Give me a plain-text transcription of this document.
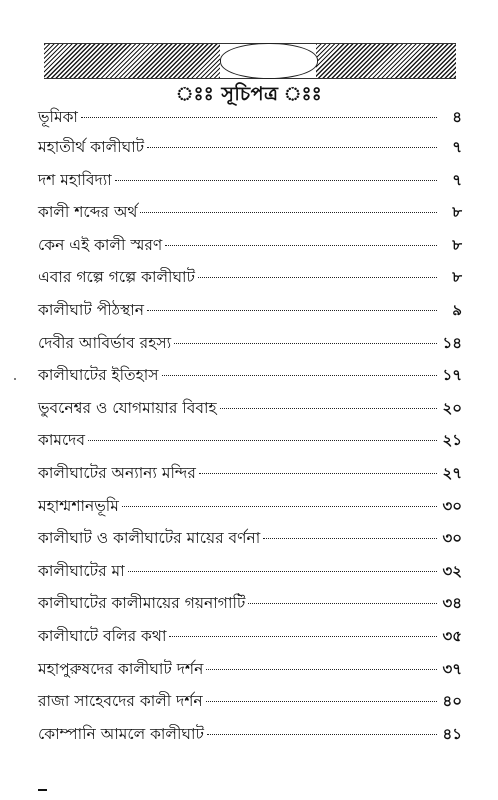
ঃঃ সূচিপত্র ঃঃ
ভূমিকা	৪
মহাতীর্থ কালীঘাট	৭
দশ মহাবিদ্যা	৭
কালী শব্দের অর্থ	৮
কেন এই কালী স্মরণ	৮
এবার গল্পে গল্পে কালীঘাট	৮
কালীঘাট পীঠস্থান	৯
দেবীর আবির্ভাব রহস্য	১৪
কালীঘাটের ইতিহাস	১৭
ভুবনেশ্বর ও যোগমায়ার বিবাহ	২০
কামদেব	২১
কালীঘাটের অন্যান্য মন্দির	২৭
মহাশ্মশানভূমি	৩০
কালীঘাট ও কালীঘাটের মায়ের বর্ণনা	৩০
কালীঘাটের মা	৩২
কালীঘাটের কালীমায়ের গয়নাগাটি	৩৪
কালীঘাটে বলির কথা	৩৫
মহাপুরুষদের কালীঘাট দর্শন	৩৭
রাজা সাহেবদের কালী দর্শন	৪০
কোম্পানি আমলে কালীঘাট	৪১
